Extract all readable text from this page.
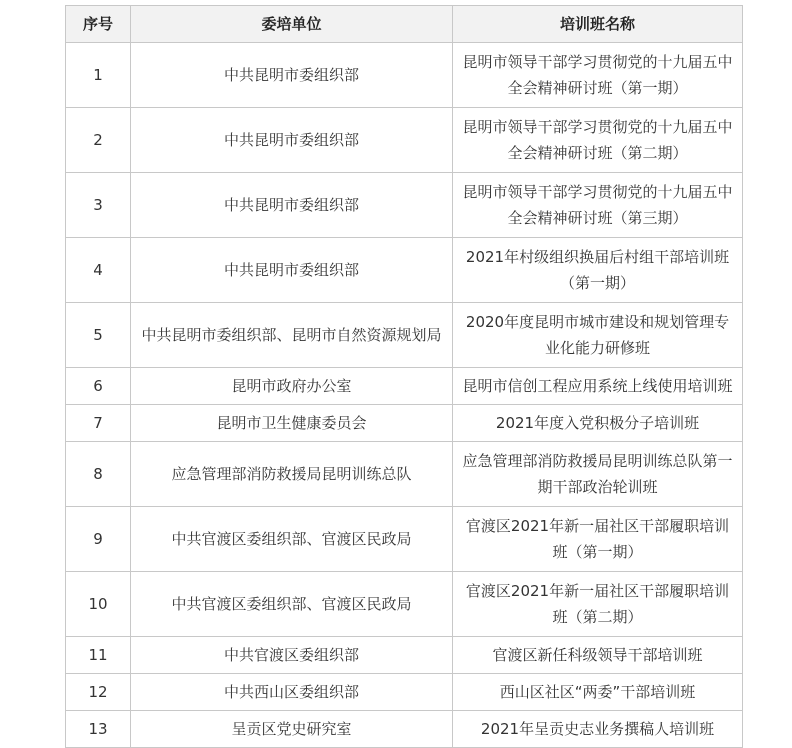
序号	委培单位	培训班名称
1	中共昆明市委组织部	昆明市领导干部学习贯彻党的十九届五中全会精神研讨班（第一期）
2	中共昆明市委组织部	昆明市领导干部学习贯彻党的十九届五中全会精神研讨班（第二期）
3	中共昆明市委组织部	昆明市领导干部学习贯彻党的十九届五中全会精神研讨班（第三期）
4	中共昆明市委组织部	2021年村级组织换届后村组干部培训班（第一期）
5	中共昆明市委组织部、昆明市自然资源规划局	2020年度昆明市城市建设和规划管理专业化能力研修班
6	昆明市政府办公室	昆明市信创工程应用系统上线使用培训班
7	昆明市卫生健康委员会	2021年度入党积极分子培训班
8	应急管理部消防救援局昆明训练总队	应急管理部消防救援局昆明训练总队第一期干部政治轮训班
9	中共官渡区委组织部、官渡区民政局	官渡区2021年新一届社区干部履职培训班（第一期）
10	中共官渡区委组织部、官渡区民政局	官渡区2021年新一届社区干部履职培训班（第二期）
11	中共官渡区委组织部	官渡区新任科级领导干部培训班
12	中共西山区委组织部	西山区社区“两委”干部培训班
13	呈贡区党史研究室	2021年呈贡史志业务撰稿人培训班
